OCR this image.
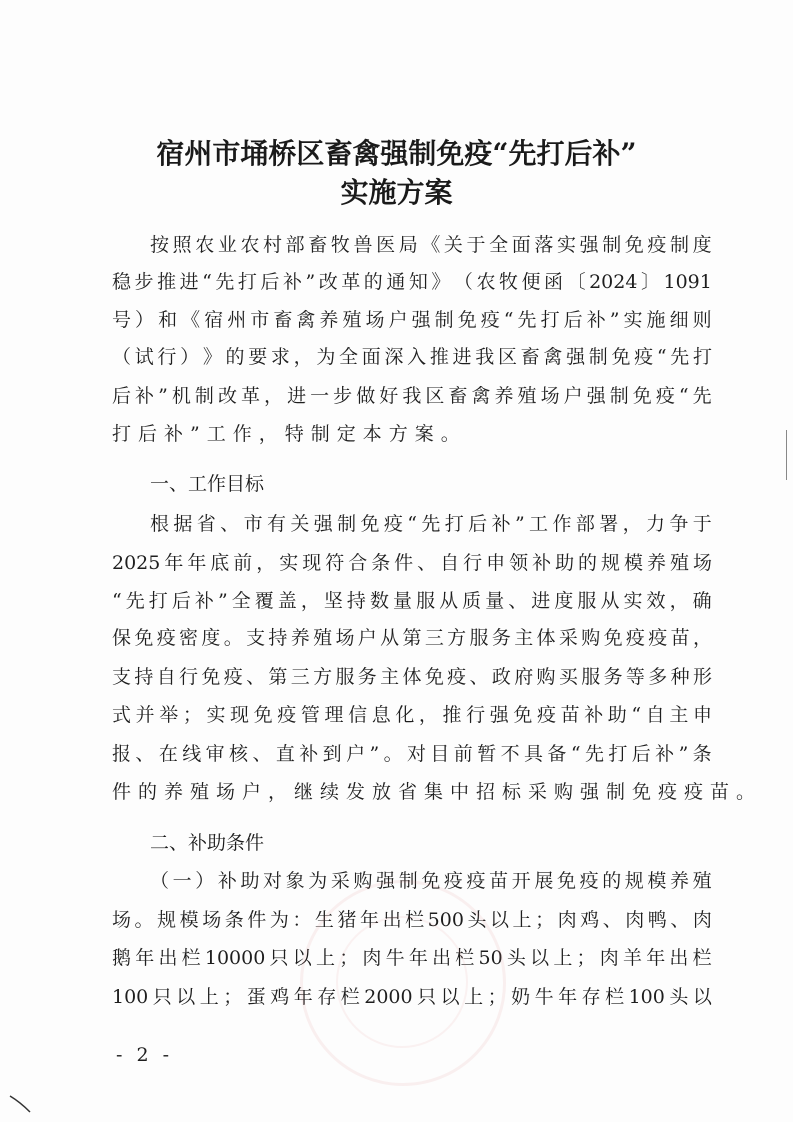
宿州市埇桥区畜禽强制免疫“先打后补”
实施方案
按 照 农 业 农 村 部 畜 牧 兽 医 局 《 关 于 全 面 落 实 强 制 免 疫 制 度
稳 步 推 进 “ 先 打 后 补 ” 改 革 的 通 知 》 （ 农 牧 便 函 〔 2024 〕 1091
号 ） 和 《 宿 州 市 畜 禽 养 殖 场 户 强 制 免 疫 “ 先 打 后 补 ” 实 施 细 则
（ 试 行 ） 》 的 要 求 ， 为 全 面 深 入 推 进 我 区 畜 禽 强 制 免 疫 “ 先 打
后 补 ” 机 制 改 革 ， 进 一 步 做 好 我 区 畜 禽 养 殖 场 户 强 制 免 疫 “ 先
打后补”工作，特制定本方案。
一、工作目标
根 据 省 、 市 有 关 强 制 免 疫 “ 先 打 后 补 ” 工 作 部 署 ， 力 争 于
2025 年 年 底 前 ， 实 现 符 合 条 件 、 自 行 申 领 补 助 的 规 模 养 殖 场
“ 先 打 后 补 ” 全 覆 盖 ， 坚 持 数 量 服 从 质 量 、 进 度 服 从 实 效 ， 确
保 免 疫 密 度 。 支 持 养 殖 场 户 从 第 三 方 服 务 主 体 采 购 免 疫 疫 苗 ，
支 持 自 行 免 疫 、 第 三 方 服 务 主 体 免 疫 、 政 府 购 买 服 务 等 多 种 形
式 并 举 ； 实 现 免 疫 管 理 信 息 化 ， 推 行 强 免 疫 苗 补 助 “ 自 主 申
报 、 在 线 审 核 、 直 补 到 户 ” 。 对 目 前 暂 不 具 备 “ 先 打 后 补 ” 条
件的养殖场户，继续发放省集中招标采购强制免疫疫苗。
二、补助条件
（ 一 ） 补 助 对 象 为 采 购 强 制 免 疫 疫 苗 开 展 免 疫 的 规 模 养 殖
场 。 规 模 场 条 件 为 ： 生 猪 年 出 栏 500 头 以 上 ； 肉 鸡 、 肉 鸭 、 肉
鹅 年 出 栏 10000 只 以 上 ； 肉 牛 年 出 栏 50 头 以 上 ； 肉 羊 年 出 栏
100 只 以 上 ； 蛋 鸡 年 存 栏 2000 只 以 上 ； 奶 牛 年 存 栏 100 头 以
- 2 -
